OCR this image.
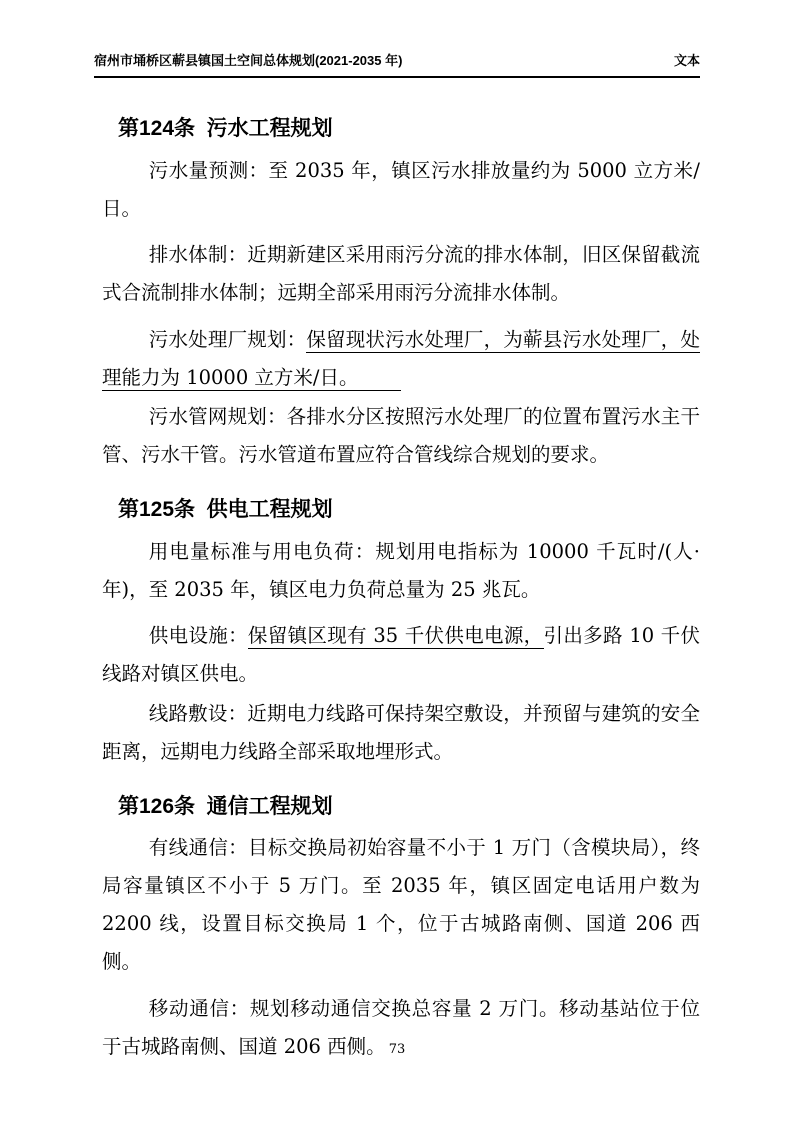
宿州市埇桥区蕲县镇国土空间总体规划(2021-2035 年)	文本
第124条 污水工程规划

污水量预测：至 2035 年，镇区污水排放量约为 5000 立方米/日。

排水体制：近期新建区采用雨污分流的排水体制，旧区保留截流式合流制排水体制；远期全部采用雨污分流排水体制。

污水处理厂规划：保留现状污水处理厂，为蕲县污水处理厂，处理能力为 10000 立方米/日。

污水管网规划：各排水分区按照污水处理厂的位置布置污水主干管、污水干管。污水管道布置应符合管线综合规划的要求。

第125条 供电工程规划

用电量标准与用电负荷：规划用电指标为 10000 千瓦时/(人·年)，至 2035 年，镇区电力负荷总量为 25 兆瓦。

供电设施：保留镇区现有 35 千伏供电电源，引出多路 10 千伏线路对镇区供电。

线路敷设：近期电力线路可保持架空敷设，并预留与建筑的安全距离，远期电力线路全部采取地埋形式。

第126条 通信工程规划

有线通信：目标交换局初始容量不小于 1 万门（含模块局），终局容量镇区不小于 5 万门。至 2035 年，镇区固定电话用户数为 2200 线，设置目标交换局 1 个，位于古城路南侧、国道 206 西侧。

移动通信：规划移动通信交换总容量 2 万门。移动基站位于位于古城路南侧、国道 206 西侧。 73
